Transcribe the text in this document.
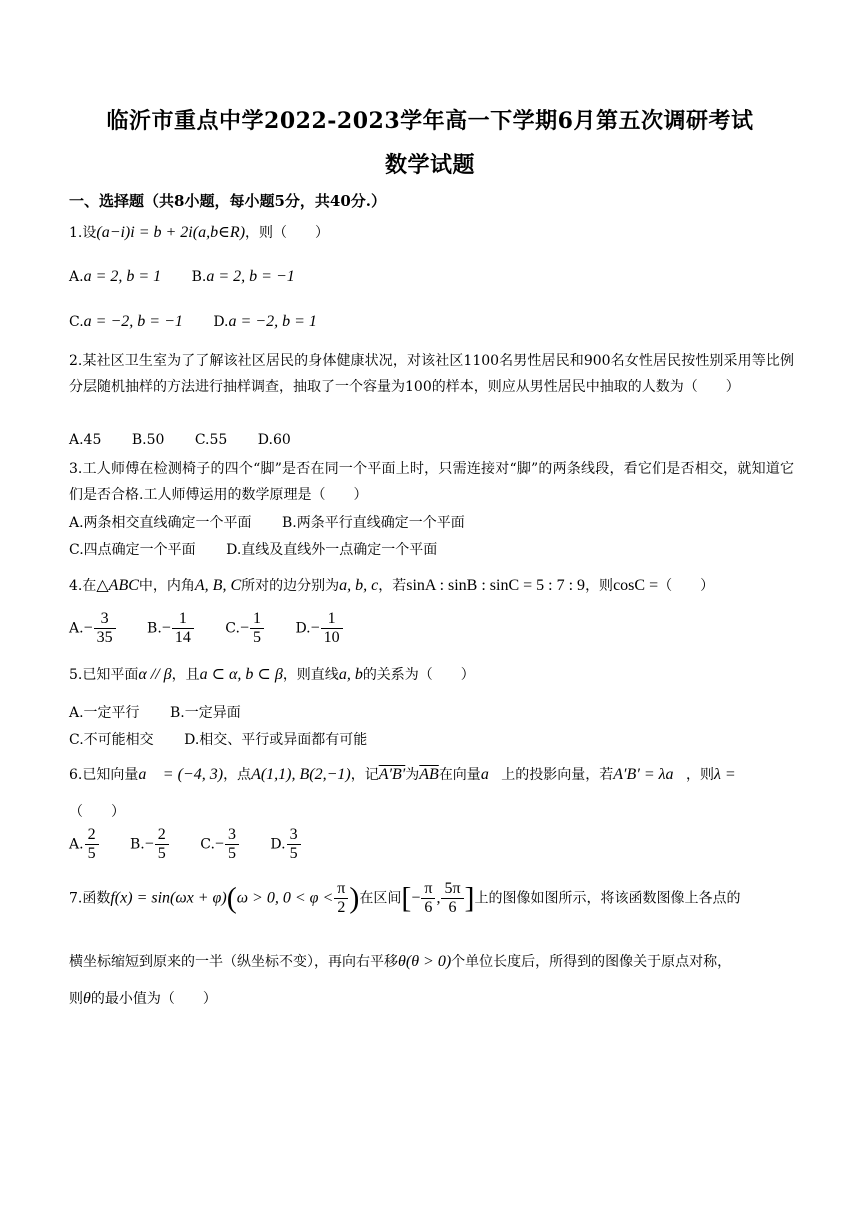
临沂市重点中学2022-2023学年高一下学期6月第五次调研考试
数学试题
一、选择题（共8小题，每小题5分，共40分.）
1.设(a−i)i = b + 2i(a,b∈R)，则（　　）
A.a = 2, b = 1 B.a = 2, b = −1
C.a = −2, b = −1 D.a = −2, b = 1
2.某社区卫生室为了了解该社区居民的身体健康状况，对该社区1100名男性居民和900名女性居民按性别采用等比例分层随机抽样的方法进行抽样调查，抽取了一个容量为100的样本，则应从男性居民中抽取的人数为（　　）
A.45 B.50 C.55 D.60
3.工人师傅在检测椅子的四个“脚”是否在同一个平面上时，只需连接对“脚”的两条线段，看它们是否相交，就知道它们是否合格.工人师傅运用的数学原理是（　　）
A.两条相交直线确定一个平面 B.两条平行直线确定一个平面
C.四点确定一个平面 D.直线及直线外一点确定一个平面
4.在△ABC中，内角A, B, C所对的边分别为a, b, c，若sinA : sinB : sinC = 5 : 7 : 9，则cosC =（　　）
$A.- \frac{3}{35} B.- \frac{1}{14} C.- \frac{1}{5} D.- \frac{1}{10}$
5.已知平面α // β，且a ⊂ α, b ⊂ β，则直线a, b的关系为（　　）
A.一定平行 B.一定异面
C.不可能相交 D.相交、平行或异面都有可能
6.已知向量a⃗ = (−4, 3)，点A(1,1), B(2,−1)，记A′B′为$\overline{AB}$在向量a⃗上的投影向量，若A′B′ = λa⃗，则λ =
（　　）
A. $\frac{2}{5} B.- \frac{2}{5} C.- \frac{3}{5} D$. $\frac{3}{5}$
7.函数f(x) = sin(ωx + φ)(ω > 0, $0 < \varphi < \frac{\pi}{2}$ )在区间[− $\frac{\pi}{6}$ , $\frac{5\pi}{6}$ ]上的图像如图所示，将该函数图像上各点的
横坐标缩短到原来的一半（纵坐标不变），再向右平移θ(θ > 0)个单位长度后，所得到的图像关于原点对称，
则θ的最小值为（　　）
